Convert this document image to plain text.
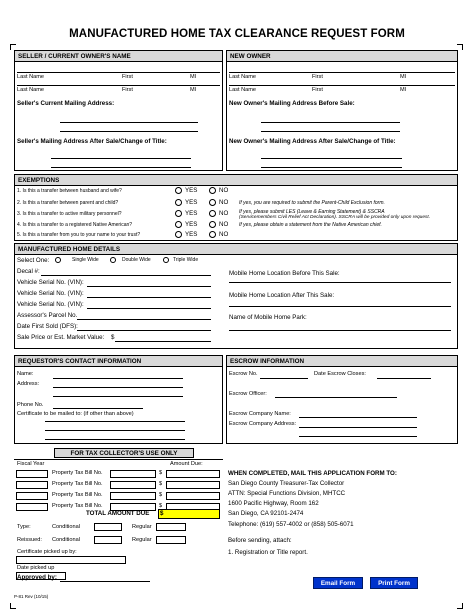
MANUFACTURED HOME TAX CLEARANCE REQUEST FORM
SELLER / CURRENT OWNER'S NAME
Last Name	First	MI
Last Name	First	MI
Seller's Current Mailing Address:
Seller's Mailing Address After Sale/Change of Title:
NEW OWNER
Last Name	First	MI
Last Name	First	MI
New Owner's Mailing Address Before Sale:
New Owner's Mailing Address After Sale/Change of Title:
EXEMPTIONS
1. Is this a transfer between husband and wife?	YES	NO
2. Is this a transfer between parent and child?	YES	NO If yes, you are required to submit the Parent-Child Exclusion form.
3. Is this a transfer to active military personnel?	YES	NO If yes, please submit LES (Leave & Earning Statement) & SSCRA
(Servicemembers Civil Relief Act Declaration). SSCRA will be provided only upon request.
4. Is this a transfer to a registered Native American?	YES	NO If yes, please obtain a statement from the Native American chief.
5. Is this a transfer from you to your name to your trust?	YES	NO
MANUFACTURED HOME DETAILS
Select One:	Single Wide	Double Wide	Triple Wide
Decal #:
Vehicle Serial No. (VIN):
Vehicle Serial No. (VIN):
Vehicle Serial No. (VIN):
Assessor's Parcel No.
Date First Sold (DFS):
Sale Price or Est. Market Value: $
Mobile Home Location Before This Sale:
Mobile Home Location After This Sale:
Name of Mobile Home Park:
REQUESTOR'S CONTACT INFORMATION
Name:
Address:
Phone No.
Certificate to be mailed to: (if other than above)
ESCROW INFORMATION
Escrow No.	Date Escrow Closes:
Escrow Officer:
Escrow Company Name:
Escrow Company Address:
FOR TAX COLLECTOR'S USE ONLY
Fiscal Year	Amount Due:
Property Tax Bill No.	$
Property Tax Bill No.	$
Property Tax Bill No.	$
Property Tax Bill No.	$
TOTAL AMOUNT DUE $
Type:	Conditional	Regular
Reissued: Conditional	Regular
Certificate picked up by:
Date picked up
Approved by:
WHEN COMPLETED, MAIL THIS APPLICATION FORM TO:
San Diego County Treasurer-Tax Collector
ATTN: Special Functions Division, MHTCC
1600 Pacific Highway, Room 162
San Diego, CA 92101-2474
Telephone: (619) 557-4002 or (858) 505-6071
Before sending, attach:
1. Registration or Title report.
Email Form	Print Form
P-81 Rev (10/15)
